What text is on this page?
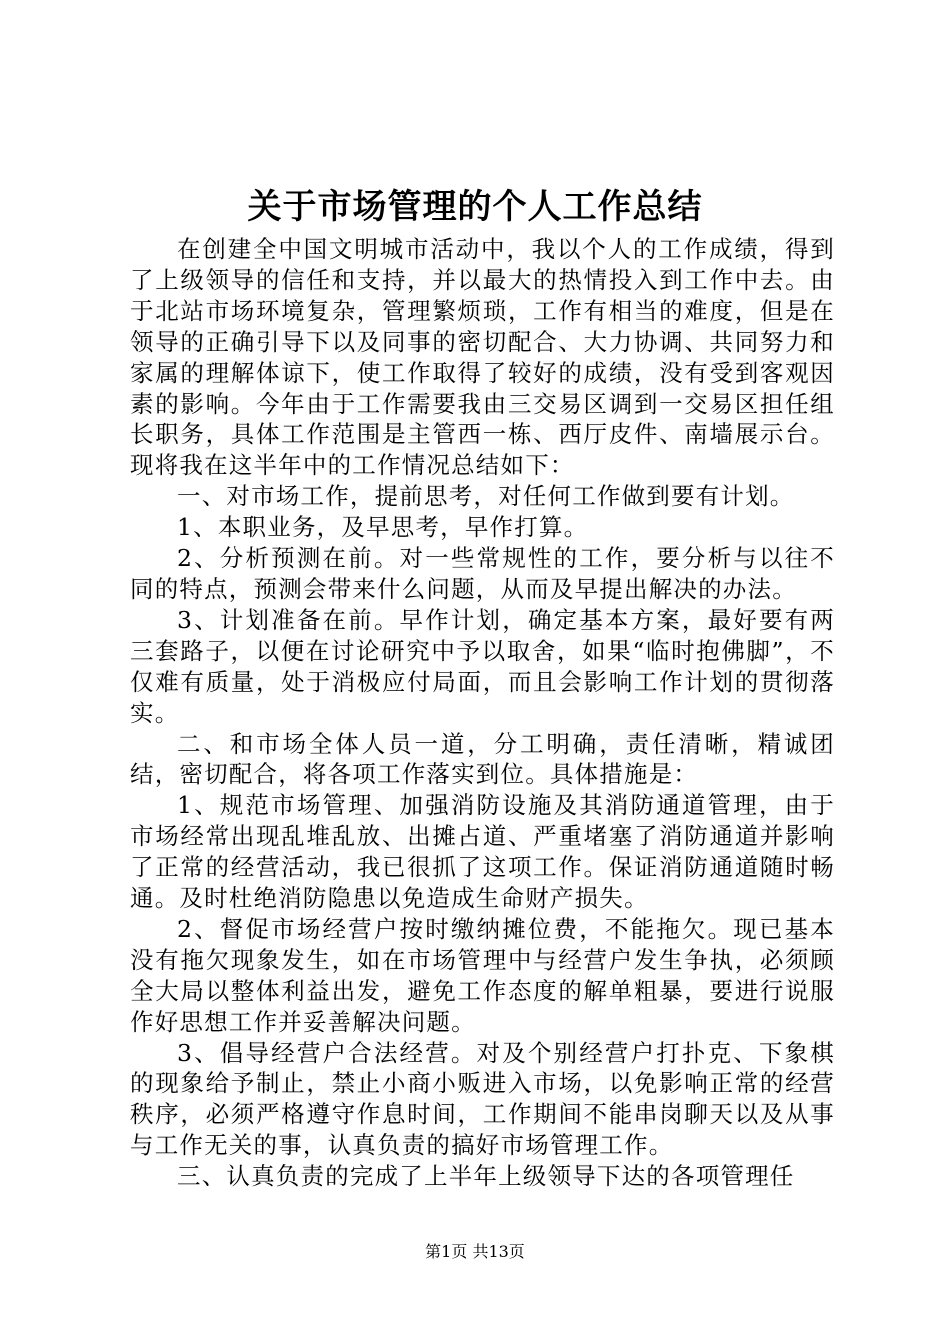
关于市场管理的个人工作总结

在创建全中国文明城市活动中，我以个人的工作成绩，得到了上级领导的信任和支持，并以最大的热情投入到工作中去。由于北站市场环境复杂，管理繁烦琐，工作有相当的难度，但是在领导的正确引导下以及同事的密切配合、大力协调、共同努力和家属的理解体谅下，使工作取得了较好的成绩，没有受到客观因素的影响。今年由于工作需要我由三交易区调到一交易区担任组长职务，具体工作范围是主管西一栋、西厅皮件、南墙展示台。现将我在这半年中的工作情况总结如下：

一、对市场工作，提前思考，对任何工作做到要有计划。

1、本职业务，及早思考，早作打算。

2、分析预测在前。对一些常规性的工作，要分析与以往不同的特点，预测会带来什么问题，从而及早提出解决的办法。

3、计划准备在前。早作计划，确定基本方案，最好要有两三套路子，以便在讨论研究中予以取舍，如果“临时抱佛脚”，不仅难有质量，处于消极应付局面，而且会影响工作计划的贯彻落实。

二、和市场全体人员一道，分工明确，责任清晰，精诚团结，密切配合，将各项工作落实到位。具体措施是：

1、规范市场管理、加强消防设施及其消防通道管理，由于市场经常出现乱堆乱放、出摊占道、严重堵塞了消防通道并影响了正常的经营活动，我已很抓了这项工作。保证消防通道随时畅通。及时杜绝消防隐患以免造成生命财产损失。

2、督促市场经营户按时缴纳摊位费，不能拖欠。现已基本没有拖欠现象发生，如在市场管理中与经营户发生争执，必须顾全大局以整体利益出发，避免工作态度的解单粗暴，要进行说服作好思想工作并妥善解决问题。

3、倡导经营户合法经营。对及个别经营户打扑克、下象棋的现象给予制止，禁止小商小贩进入市场，以免影响正常的经营秩序，必须严格遵守作息时间，工作期间不能串岗聊天以及从事与工作无关的事，认真负责的搞好市场管理工作。

三、认真负责的完成了上半年上级领导下达的各项管理任

第1页 共13页
